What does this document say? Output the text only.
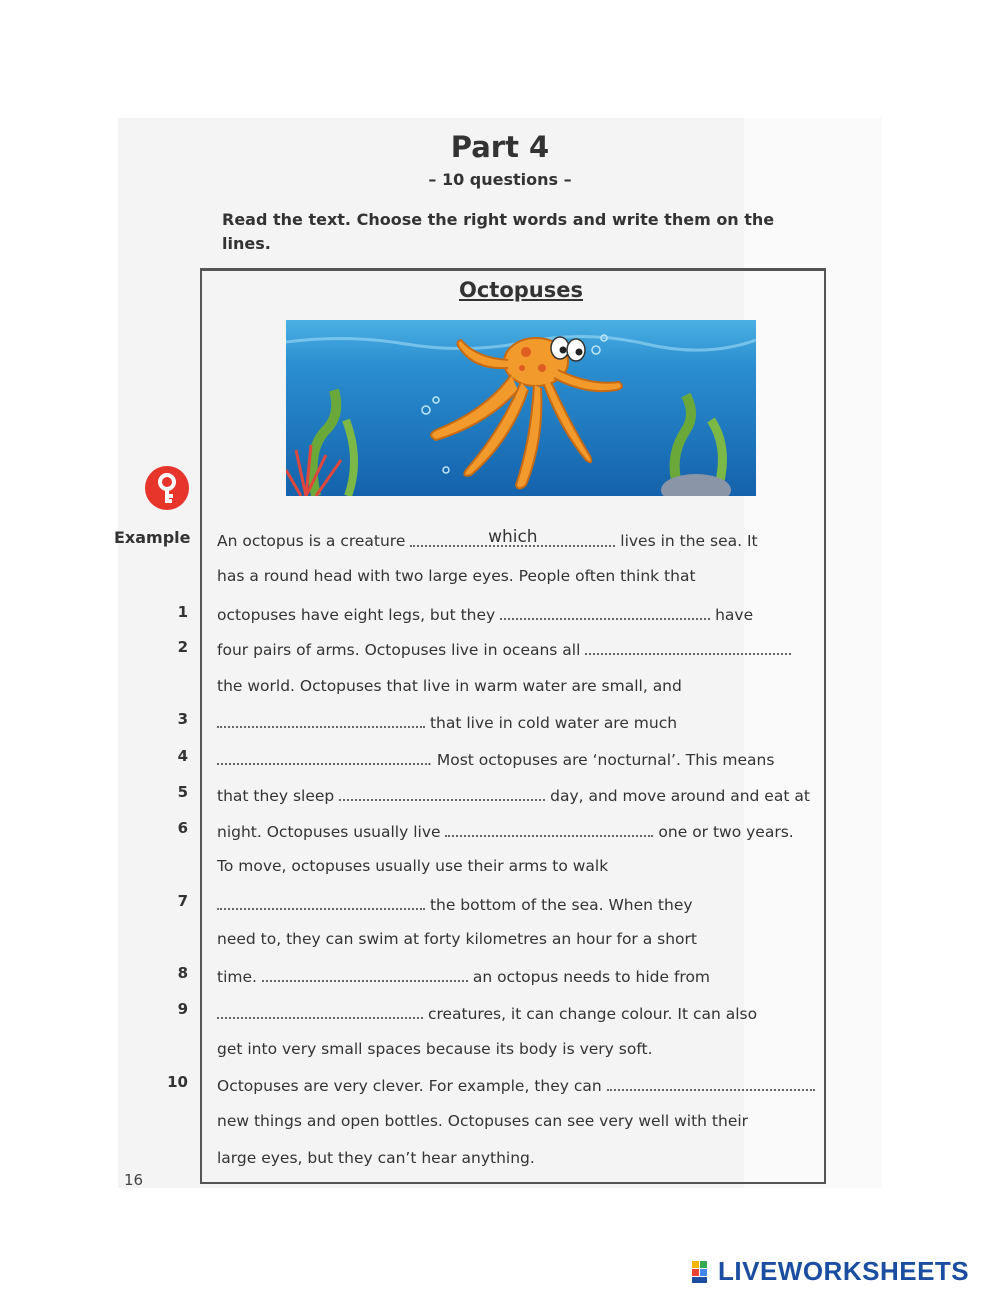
Part 4
– 10 questions –
Read the text. Choose the right words and write them on the lines.
Octopuses
Example
1
2
3
4
5
6
7
8
9
10
An octopus is a creature	which	lives in the sea. It
has a round head with two large eyes. People often think that
octopuses have eight legs, but they	have
four pairs of arms. Octopuses live in oceans all
the world. Octopuses that live in warm water are small, and
that live in cold water are much
. Most octopuses are ‘nocturnal’. This means
that they sleep	day, and move around and eat at
night. Octopuses usually live	one or two years.
To move, octopuses usually use their arms to walk
the bottom of the sea. When they
need to, they can swim at forty kilometres an hour for a short
time.	an octopus needs to hide from
creatures, it can change colour. It can also
get into very small spaces because its body is very soft.
Octopuses are very clever. For example, they can
new things and open bottles. Octopuses can see very well with their
large eyes, but they can’t hear anything.
16
LIVEWORKSHEETS
